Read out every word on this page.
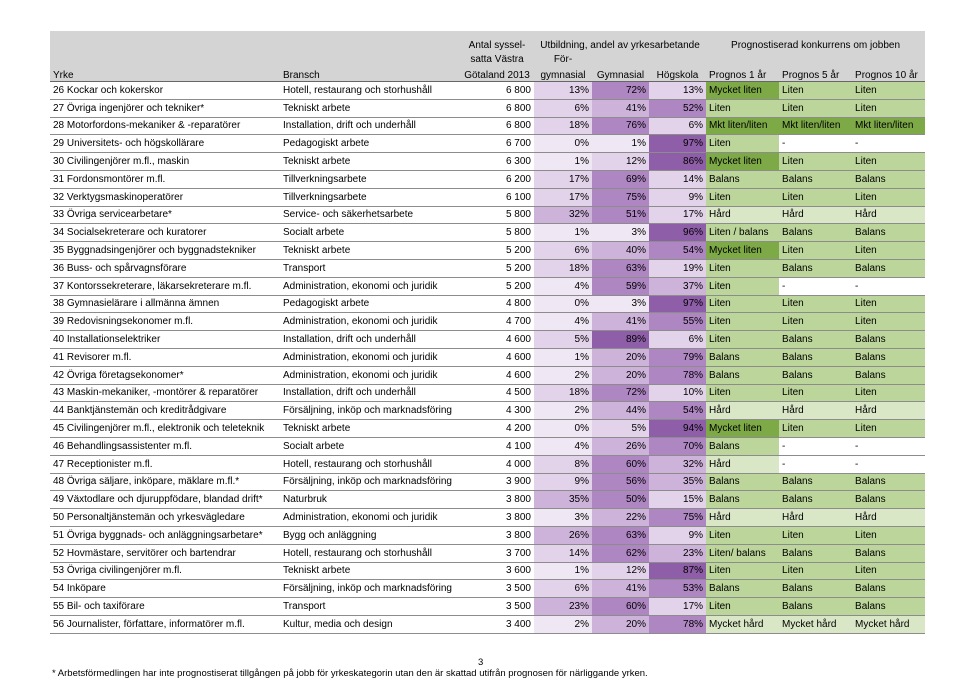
		Antal syssel-	Utbildning, andel av yrkesarbetande			Prognostiserad konkurrens om jobben		
		satta Västra	För-					
Yrke	Bransch	Götaland 2013	gymnasial	Gymnasial	Högskola	Prognos 1 år	Prognos 5 år	Prognos 10 år
26 Kockar och kokerskor	Hotell, restaurang och storhushåll	6 800	13%	72%	13%	Mycket liten	Liten	Liten
27 Övriga ingenjörer och tekniker*	Tekniskt arbete	6 800	6%	41%	52%	Liten	Liten	Liten
28 Motorfordons-mekaniker & -reparatörer	Installation, drift och underhåll	6 800	18%	76%	6%	Mkt liten/liten	Mkt liten/liten	Mkt liten/liten
29 Universitets- och högskollärare	Pedagogiskt arbete	6 700	0%	1%	97%	Liten	-	-
30 Civilingenjörer m.fl., maskin	Tekniskt arbete	6 300	1%	12%	86%	Mycket liten	Liten	Liten
31 Fordonsmontörer m.fl.	Tillverkningsarbete	6 200	17%	69%	14%	Balans	Balans	Balans
32 Verktygsmaskinoperatörer	Tillverkningsarbete	6 100	17%	75%	9%	Liten	Liten	Liten
33 Övriga servicearbetare*	Service- och säkerhetsarbete	5 800	32%	51%	17%	Hård	Hård	Hård
34 Socialsekreterare och kuratorer	Socialt arbete	5 800	1%	3%	96%	Liten / balans	Balans	Balans
35 Byggnadsingenjörer och byggnadstekniker	Tekniskt arbete	5 200	6%	40%	54%	Mycket liten	Liten	Liten
36 Buss- och spårvagnsförare	Transport	5 200	18%	63%	19%	Liten	Balans	Balans
37 Kontorssekreterare, läkarsekreterare m.fl.	Administration, ekonomi och juridik	5 200	4%	59%	37%	Liten	-	-
38 Gymnasielärare i allmänna ämnen	Pedagogiskt arbete	4 800	0%	3%	97%	Liten	Liten	Liten
39 Redovisningsekonomer m.fl.	Administration, ekonomi och juridik	4 700	4%	41%	55%	Liten	Liten	Liten
40 Installationselektriker	Installation, drift och underhåll	4 600	5%	89%	6%	Liten	Balans	Balans
41 Revisorer m.fl.	Administration, ekonomi och juridik	4 600	1%	20%	79%	Balans	Balans	Balans
42 Övriga företagsekonomer*	Administration, ekonomi och juridik	4 600	2%	20%	78%	Balans	Balans	Balans
43 Maskin-mekaniker, -montörer & reparatörer	Installation, drift och underhåll	4 500	18%	72%	10%	Liten	Liten	Liten
44 Banktjänstemän och kreditrådgivare	Försäljning, inköp och marknadsföring	4 300	2%	44%	54%	Hård	Hård	Hård
45 Civilingenjörer m.fl., elektronik och teleteknik	Tekniskt arbete	4 200	0%	5%	94%	Mycket liten	Liten	Liten
46 Behandlingsassistenter m.fl.	Socialt arbete	4 100	4%	26%	70%	Balans	-	-
47 Receptionister m.fl.	Hotell, restaurang och storhushåll	4 000	8%	60%	32%	Hård	-	-
48 Övriga säljare, inköpare, mäklare m.fl.*	Försäljning, inköp och marknadsföring	3 900	9%	56%	35%	Balans	Balans	Balans
49 Växtodlare och djuruppfödare, blandad drift*	Naturbruk	3 800	35%	50%	15%	Balans	Balans	Balans
50 Personaltjänstemän och yrkesvägledare	Administration, ekonomi och juridik	3 800	3%	22%	75%	Hård	Hård	Hård
51 Övriga byggnads- och anläggningsarbetare*	Bygg och anläggning	3 800	26%	63%	9%	Liten	Liten	Liten
52 Hovmästare, servitörer och bartendrar	Hotell, restaurang och storhushåll	3 700	14%	62%	23%	Liten/ balans	Balans	Balans
53 Övriga civilingenjörer m.fl.	Tekniskt arbete	3 600	1%	12%	87%	Liten	Liten	Liten
54 Inköpare	Försäljning, inköp och marknadsföring	3 500	6%	41%	53%	Balans	Balans	Balans
55 Bil- och taxiförare	Transport	3 500	23%	60%	17%	Liten	Balans	Balans
56 Journalister, författare, informatörer m.fl.	Kultur, media och design	3 400	2%	20%	78%	Mycket hård	Mycket hård	Mycket hård
3
* Arbetsförmedlingen har inte prognostiserat tillgången på jobb för yrkeskategorin utan den är skattad utifrån prognosen för närliggande yrken.
